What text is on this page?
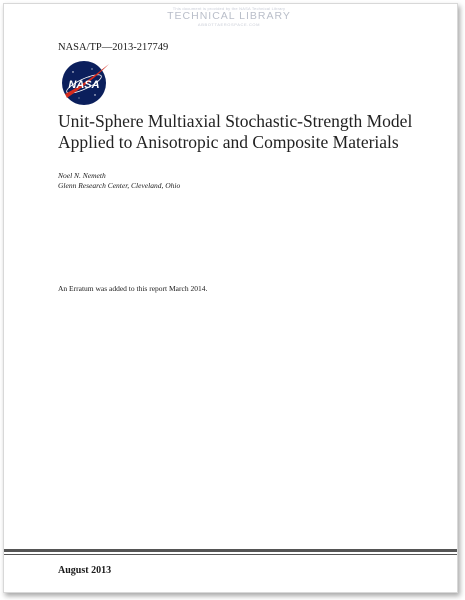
This document is provided by the NASA Technical Library
TECHNICAL LIBRARY
ABBOTTAEROSPACE.COM
NASA/TP—2013-217749
NASA
Unit-Sphere Multiaxial Stochastic-Strength Model Applied to Anisotropic and Composite Materials
Noel N. Nemeth
Glenn Research Center, Cleveland, Ohio
An Erratum was added to this report March 2014.
August 2013
